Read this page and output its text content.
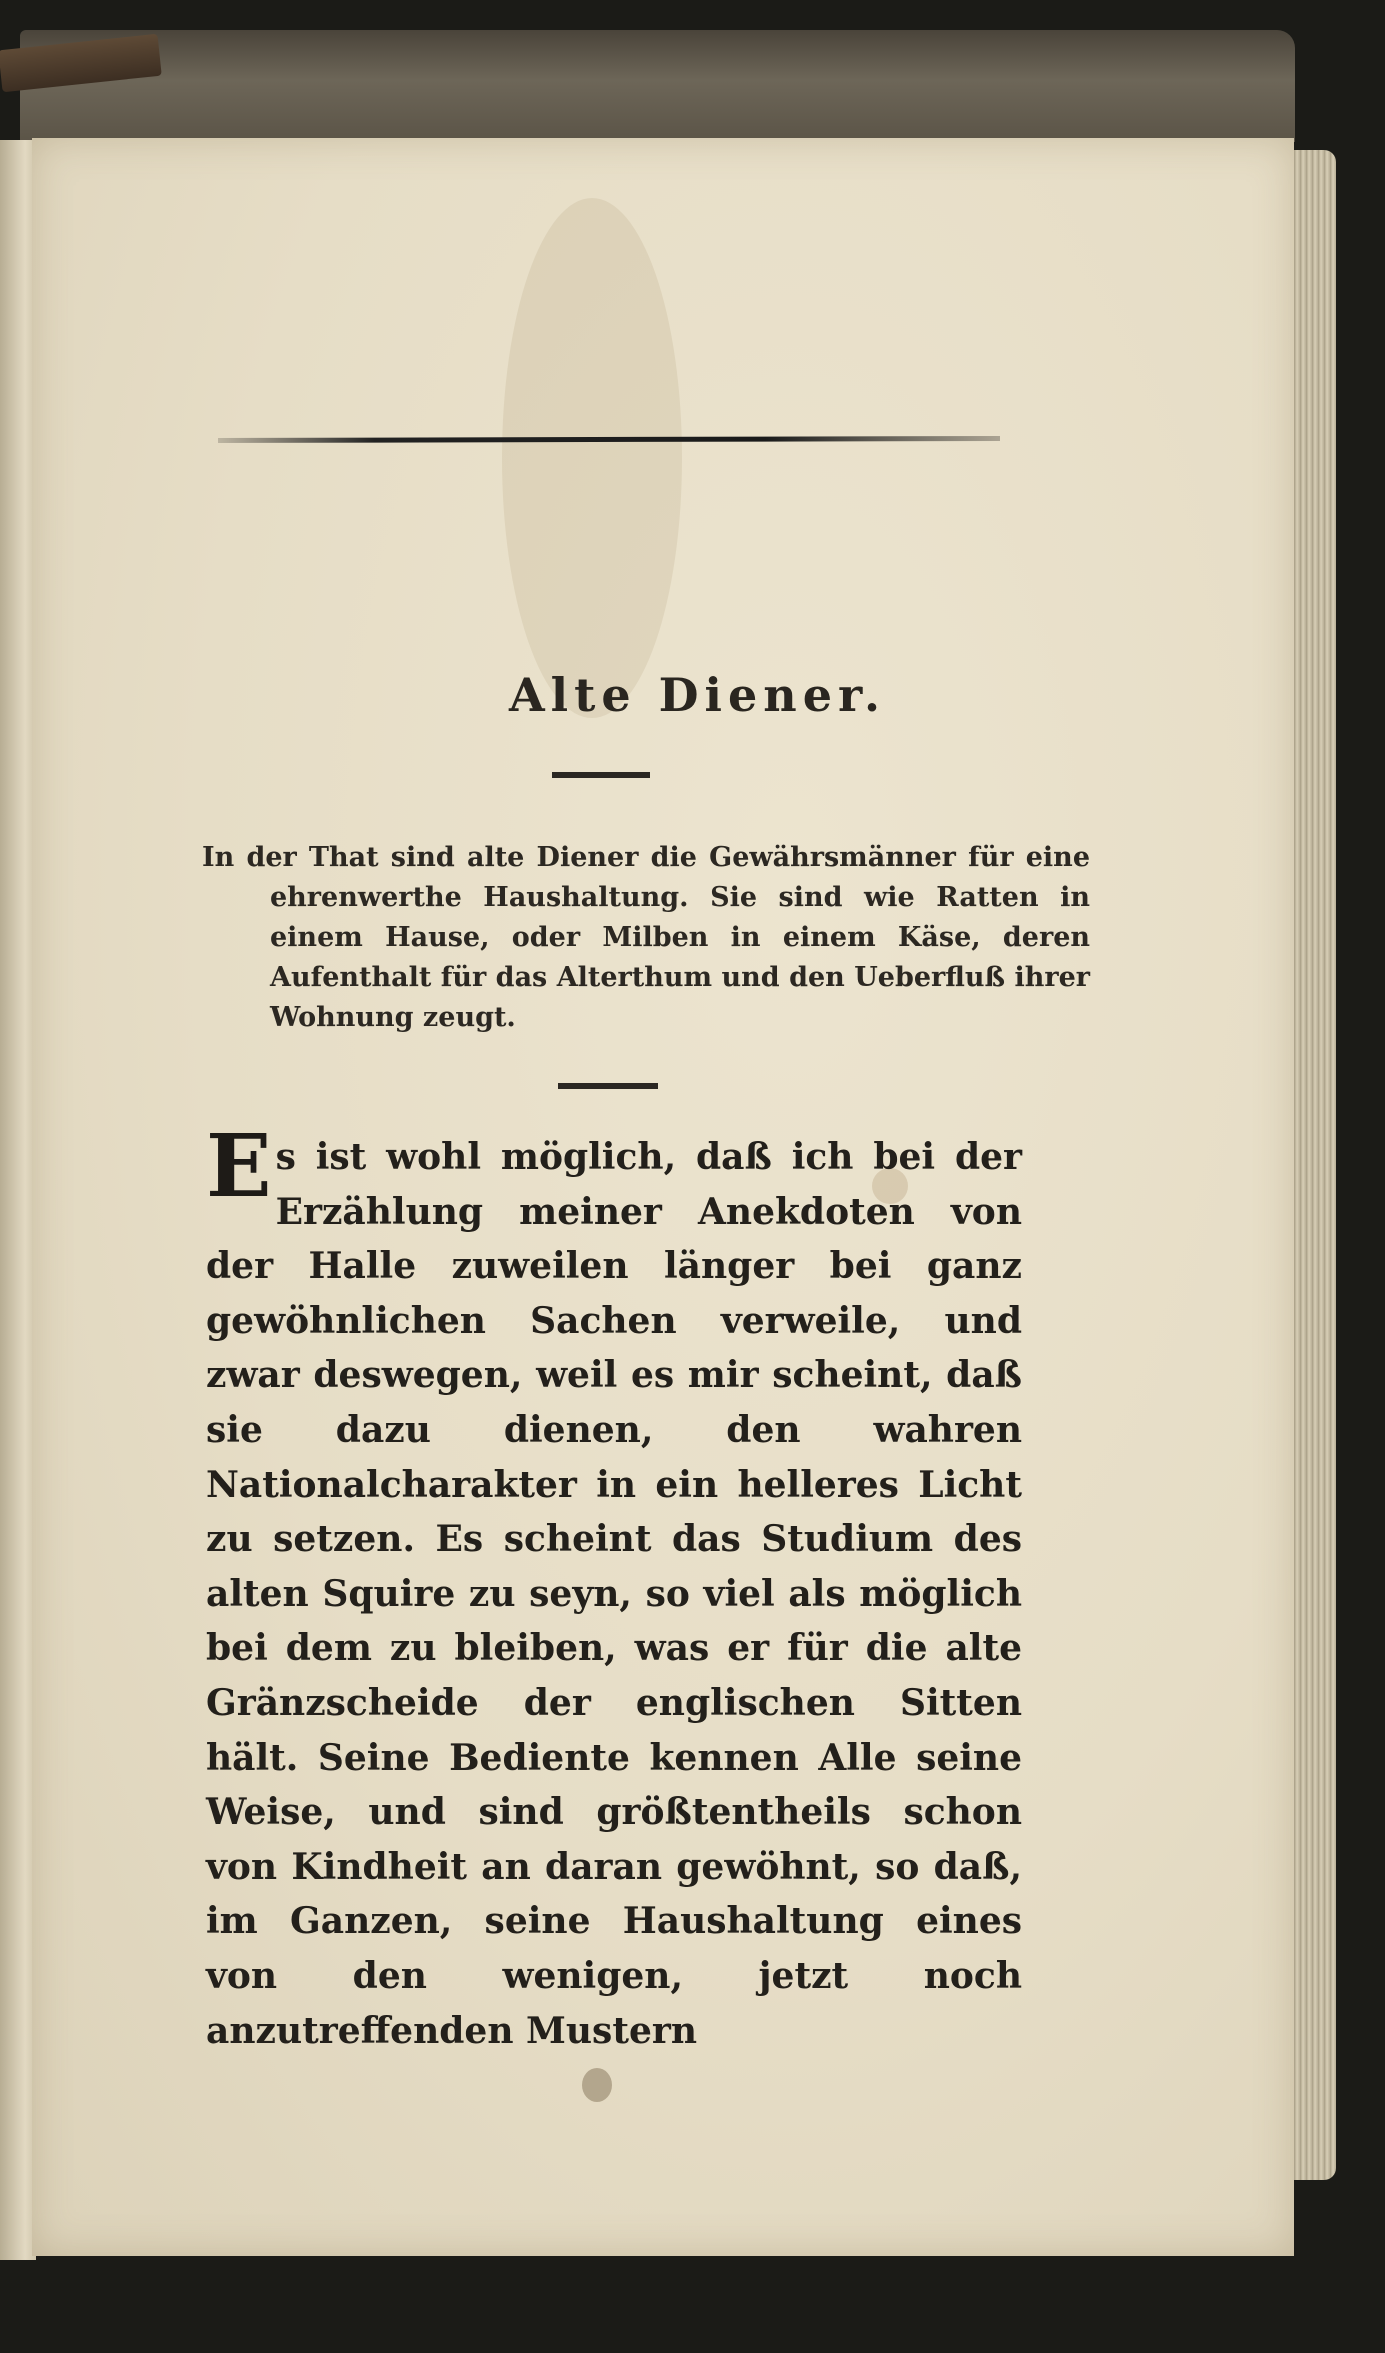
Alte Diener.
In der That sind alte Diener die Gewährsmänner für eine ehrenwerthe Haushaltung. Sie sind wie Ratten in einem Hause, oder Milben in einem Käse, deren Aufenthalt für das Alterthum und den Ueberfluß ihrer Wohnung zeugt.
E s ist wohl möglich, daß ich bei der Erzählung meiner Anekdoten von der Halle zuweilen länger bei ganz gewöhnlichen Sachen verweile, und zwar deswegen, weil es mir scheint, daß sie dazu dienen, den wahren Nationalcharakter in ein helleres Licht zu setzen. Es scheint das Studium des alten Squire zu seyn, so viel als möglich bei dem zu bleiben, was er für die alte Gränzscheide der englischen Sitten hält. Seine Bediente kennen Alle seine Weise, und sind größtentheils schon von Kindheit an daran gewöhnt, so daß, im Ganzen, seine Haushaltung eines von den wenigen, jetzt noch anzutreffenden Mustern
